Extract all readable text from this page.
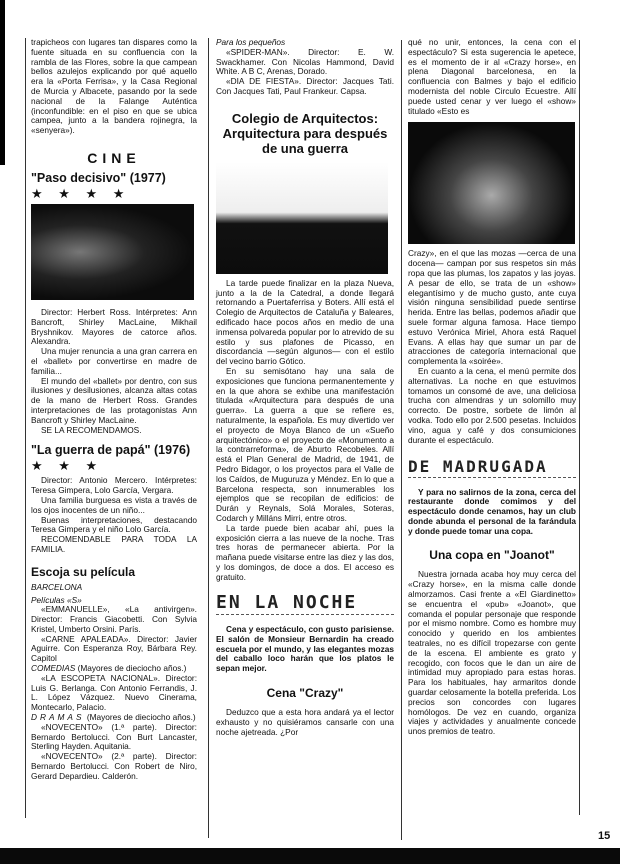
trapicheos con lugares tan dispares como la fuente situada en su confluencia con la rambla de las Flores, sobre la que campean bellos azulejos explicando por qué aquello era la «Porta Ferrisa», y la Casa Regional de Murcia y Albacete, pasando por la sede nacional de la Falange Auténtica (inconfundible: en el piso en que se ubica campea, junto a la bandera rojinegra, la «senyera»).

CINE
"Paso decisivo" (1977)
★ ★ ★ ★

Director: Herbert Ross. Intérpretes: Ann Bancroft, Shirley MacLaine, Mikhail Bryshnikov. Mayores de catorce años. Alexandra.

Una mujer renuncia a una gran carrera en el «ballet» por convertirse en madre de familia...

El mundo del «ballet» por dentro, con sus ilusiones y desilusiones, alcanza altas cotas de la mano de Herbert Ross. Grandes interpretaciones de las protagonistas Ann Bancroft y Shirley MacLaine.

SE LA RECOMENDAMOS.

"La guerra de papá" (1976)
★ ★ ★

Director: Antonio Mercero. Intérpretes: Teresa Gimpera, Lolo García, Vergara.

Una familia burguesa es vista a través de los ojos inocentes de un niño...

Buenas interpretaciones, destacando Teresa Gimpera y el niño Lolo García.

RECOMENDABLE PARA TODA LA FAMILIA.

Escoja su película

BARCELONA

Películas «S»

«EMMANUELLE», «La antivirgen». Director: Francis Giacobetti. Con Sylvia Kristel, Umberto Orsini. París.

«CARNE APALEADA». Director: Javier Aguirre. Con Esperanza Roy, Bárbara Rey. Capitol

COMEDIAS (Mayores de dieciocho años.)

«LA ESCOPETA NACIONAL». Director: Luis G. Berlanga. Con Antonio Ferrandis, J. L. López Vázquez. Nuevo Cinerama, Montecarlo, Palacio.

DRAMAS (Mayores de dieciocho años.)

«NOVECENTO» (1.ª parte). Director: Bernardo Bertolucci. Con Burt Lancaster, Sterling Hayden. Aquitania.

«NOVECENTO» (2.ª parte). Director: Bernardo Bertolucci. Con Robert de Niro, Gerard Depardieu. Calderón.

Para los pequeños

«SPIDER-MAN». Director: E. W. Swackhamer. Con Nicolas Hammond, David White. A B C, Arenas, Dorado.

«DIA DE FIESTA». Director: Jacques Tati. Con Jacques Tati, Paul Frankeur. Capsa.

Colegio de Arquitectos: Arquitectura para después de una guerra

La tarde puede finalizar en la plaza Nueva, junto a la de la Catedral, a donde llegará retornando a Puertaferrisa y Boters. Allí está el Colegio de Arquitectos de Cataluña y Baleares, edificado hace pocos años en medio de una inmensa polvareda popular por lo atrevido de su estilo y sus plafones de Picasso, en discordancia —según algunos— con el estilo del vecino barrio Gótico.

En su semisótano hay una sala de exposiciones que funciona permanentemente y en la que ahora se exhibe una manifestación titulada «Arquitectura para después de una guerra». La guerra a que se refiere es, naturalmente, la española. Es muy divertido ver el proyecto de Moya Blanco de un «Sueño arquitectónico» o el proyecto de «Monumento a la contrarreforma», de Aburto Recobeles. Allí está el Plan General de Madrid, de 1941, de Pedro Bidagor, o los proyectos para el Valle de los Caídos, de Muguruza y Méndez. En lo que a Barcelona respecta, son innumerables los ejemplos que se recopilan de edificios: de Durán y Reynals, Solá Morales, Soteras, Codarch y Milláns Mirri, entre otros.

La tarde puede bien acabar ahí, pues la exposición cierra a las nueve de la noche. Tras tres horas de permanecer abierta. Por la mañana puede visitarse entre las diez y las dos, y los domingos, de doce a dos. El acceso es gratuito.

EN LA NOCHE

Cena y espectáculo, con gusto parisiense. El salón de Monsieur Bernardin ha creado escuela por el mundo, y las elegantes mozas del caballo loco harán que los platos le sepan mejor.

Cena "Crazy"

Deduzco que a esta hora andará ya el lector exhausto y no quisiéramos cansarle con una noche ajetreada. ¿Por

qué no unir, entonces, la cena con el espectáculo? Si esta sugerencia le apetece, es el momento de ir al «Crazy horse», en plena Diagonal barcelonesa, en la confluencia con Balmes y bajo el edificio modernista del noble Circulo Ecuestre. Allí puede usted cenar y ver luego el «show» titulado «Esto es

Crazy», en el que las mozas —cerca de una docena— campan por sus respetos sin más ropa que las plumas, los zapatos y las joyas. A pesar de ello, se trata de un «show» elegantísimo y de mucho gusto, ante cuya visión ninguna sensibilidad puede sentirse herida. Entre las bellas, podemos añadir que suele formar alguna famosa. Hace tiempo estuvo Verónica Miriel, Ahora está Raquel Evans. A ellas hay que sumar un par de atracciones de categoría internacional que complementa la «soirée».

En cuanto a la cena, el menú permite dos alternativas. La noche en que estuvimos tomamos un consomé de ave, una deliciosa trucha con almendras y un solomillo muy correcto. De postre, sorbete de limón al vodka. Todo ello por 2.500 pesetas. Incluidos vino, agua y café y dos consumiciones durante el espectáculo.

DE MADRUGADA

Y para no salirnos de la zona, cerca del restaurante donde comimos y del espectáculo donde cenamos, hay un club donde abunda el personal de la farándula y donde puede tomar una copa.

Una copa en "Joanot"

Nuestra jornada acaba hoy muy cerca del «Crazy horse», en la misma calle donde almorzamos. Casi frente a «El Giardinetto» se encuentra el «pub» «Joanot», que comanda el popular personaje que responde por el mismo nombre. Como es hombre muy conocido y querido en los ambientes teatrales, no es difícil tropezarse con gente de la escena. El ambiente es grato y recogido, con focos que le dan un aire de intimidad muy apropiado para estas horas. Para los habituales, hay armaritos donde guardar celosamente la botella preferida. Los precios son concordes con lugares homólogos. De vez en cuando, organiza viajes y actividades y anualmente concede unos premios de teatro.

15
